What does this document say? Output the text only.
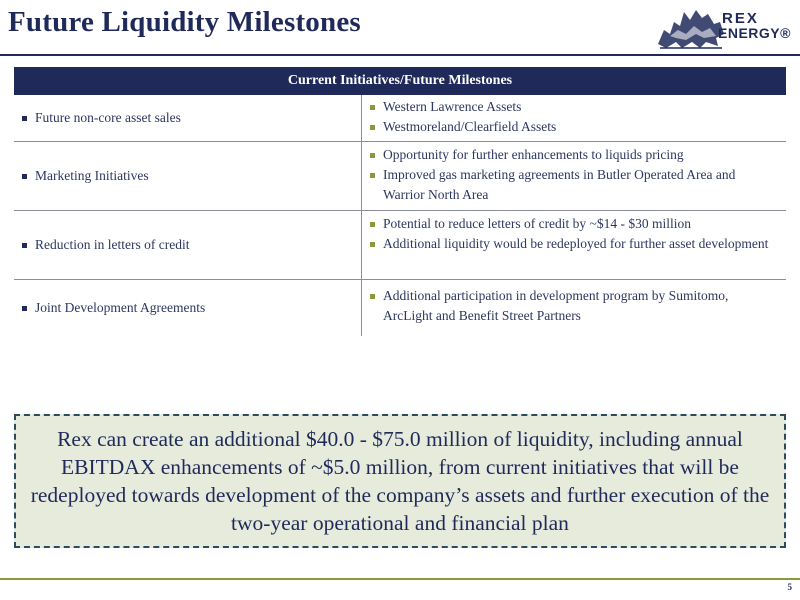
Future Liquidity Milestones	REX
ENERGY®
Current Initiatives/Future Milestones
Future non-core asset sales
Western Lawrence Assets
Westmoreland/Clearfield Assets
Marketing Initiatives
Opportunity for further enhancements to liquids pricing
Improved gas marketing agreements in Butler Operated Area and Warrior North Area
Reduction in letters of credit
Potential to reduce letters of credit by ~$14 - $30 million
Additional liquidity would be redeployed for further asset development
Joint Development Agreements
Additional participation in development program by Sumitomo, ArcLight and Benefit Street Partners
Rex can create an additional $40.0 - $75.0 million of liquidity, including annual EBITDAX enhancements of ~$5.0 million, from current initiatives that will be redeployed towards development of the company’s assets and further execution of the two-year operational and financial plan
5
